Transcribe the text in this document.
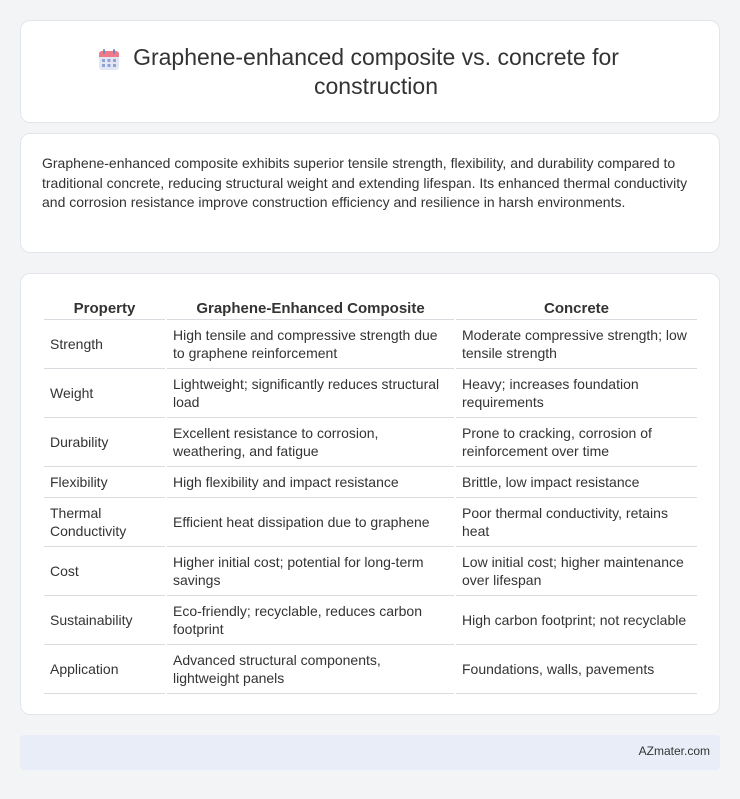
Graphene-enhanced composite vs. concrete for construction

Graphene-enhanced composite exhibits superior tensile strength, flexibility, and durability compared to traditional concrete, reducing structural weight and extending lifespan. Its enhanced thermal conductivity and corrosion resistance improve construction efficiency and resilience in harsh environments.

Property	Graphene-Enhanced Composite	Concrete
Strength	High tensile and compressive strength due to graphene reinforcement	Moderate compressive strength; low tensile strength
Weight	Lightweight; significantly reduces structural load	Heavy; increases foundation requirements
Durability	Excellent resistance to corrosion, weathering, and fatigue	Prone to cracking, corrosion of reinforcement over time
Flexibility	High flexibility and impact resistance	Brittle, low impact resistance
Thermal Conductivity	Efficient heat dissipation due to graphene	Poor thermal conductivity, retains heat
Cost	Higher initial cost; potential for long-term savings	Low initial cost; higher maintenance over lifespan
Sustainability	Eco-friendly; recyclable, reduces carbon footprint	High carbon footprint; not recyclable
Application	Advanced structural components, lightweight panels	Foundations, walls, pavements
AZmater.com
